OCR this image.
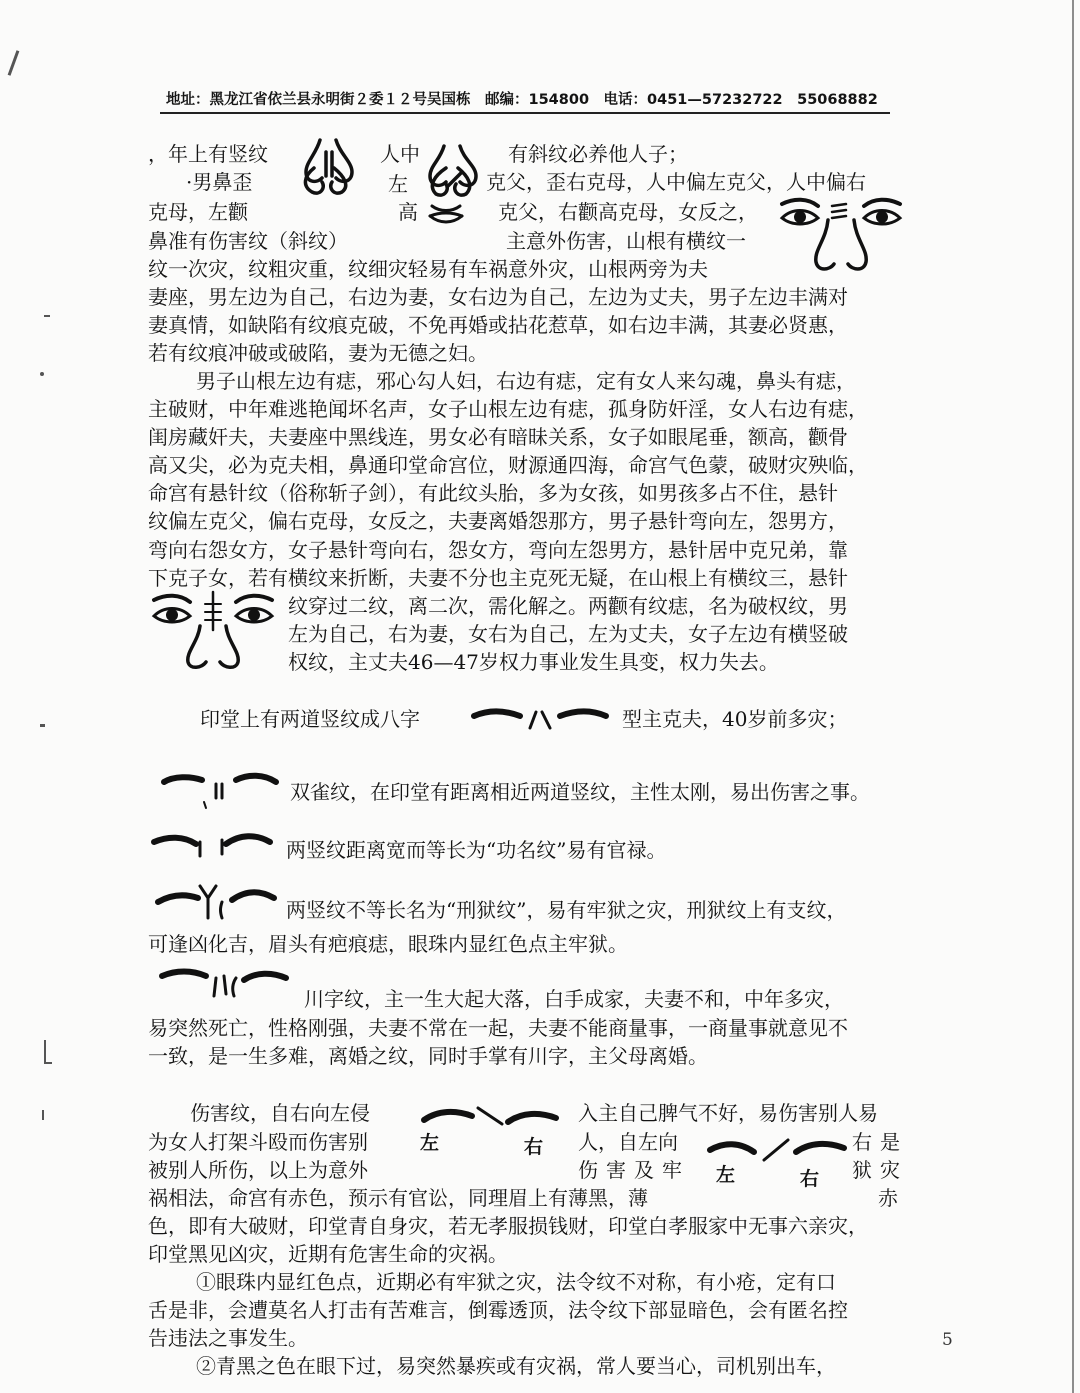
地址：黑龙江省依兰县永明街２委１２号吴国栋　邮编：154800　电话：0451—57232722　55068882
，年上有竖纹	人中	有斜纹必养他人子；
·男鼻歪	左	克父，歪右克母，人中偏左克父，人中偏右
克母，左颧	高	克父，右颧高克母，女反之，
鼻准有伤害纹（斜纹）	主意外伤害，山根有横纹一
纹一次灾，纹粗灾重，纹细灾轻易有车祸意外灾，山根两旁为夫
妻座，男左边为自己，右边为妻，女右边为自己，左边为丈夫，男子左边丰满对
妻真情，如缺陷有纹痕克破，不免再婚或拈花惹草，如右边丰满，其妻必贤惠，
若有纹痕冲破或破陷，妻为无德之妇。
男子山根左边有痣，邪心勾人妇，右边有痣，定有女人来勾魂，鼻头有痣，
主破财，中年难逃艳闻坏名声，女子山根左边有痣，孤身防奸淫，女人右边有痣，
闺房藏奸夫，夫妻座中黑线连，男女必有暗昧关系，女子如眼尾垂，额高，颧骨
高又尖，必为克夫相，鼻通印堂命宫位，财源通四海，命宫气色蒙，破财灾殃临，
命宫有悬针纹（俗称斩子剑），有此纹头胎，多为女孩，如男孩多占不住，悬针
纹偏左克父，偏右克母，女反之，夫妻离婚怨那方，男子悬针弯向左，怨男方，
弯向右怨女方，女子悬针弯向右，怨女方，弯向左怨男方，悬针居中克兄弟，靠
下克子女，若有横纹来折断，夫妻不分也主克死无疑，在山根上有横纹三，悬针
纹穿过二纹，离二次，需化解之。两颧有纹痣，名为破权纹，男
左为自己，右为妻，女右为自己，左为丈夫，女子左边有横竖破
权纹，主丈夫46—47岁权力事业发生具变，权力失去。
印堂上有两道竖纹成八字	型主克夫，40岁前多灾；
双雀纹，在印堂有距离相近两道竖纹，主性太刚，易出伤害之事。
两竖纹距离宽而等长为“功名纹”易有官禄。
两竖纹不等长名为“刑狱纹”，易有牢狱之灾，刑狱纹上有支纹，
可逢凶化吉，眉头有疤痕痣，眼珠内显红色点主牢狱。
川字纹，主一生大起大落，白手成家，夫妻不和，中年多灾，
易突然死亡，性格刚强，夫妻不常在一起，夫妻不能商量事，一商量事就意见不
一致，是一生多难，离婚之纹，同时手掌有川字，主父母离婚。
伤害纹，自右向左侵	入主自己脾气不好，易伤害别人易
为女人打架斗殴而伤害别	人，自左向	右是
被别人所伤，以上为意外	伤害及牢	狱灾
祸相法，命宫有赤色，预示有官讼，同理眉上有薄黑，薄	赤
色，即有大破财，印堂青自身灾，若无孝服损钱财，印堂白孝服家中无事六亲灾，
印堂黑见凶灾，近期有危害生命的灾祸。
①眼珠内显红色点，近期必有牢狱之灾，法令纹不对称，有小疮，定有口
舌是非，会遭莫名人打击有苦难言，倒霉透顶，法令纹下部显暗色，会有匿名控
告违法之事发生。
②青黑之色在眼下过，易突然暴疾或有灾祸，常人要当心，司机别出车，
左	右
左	右
5
